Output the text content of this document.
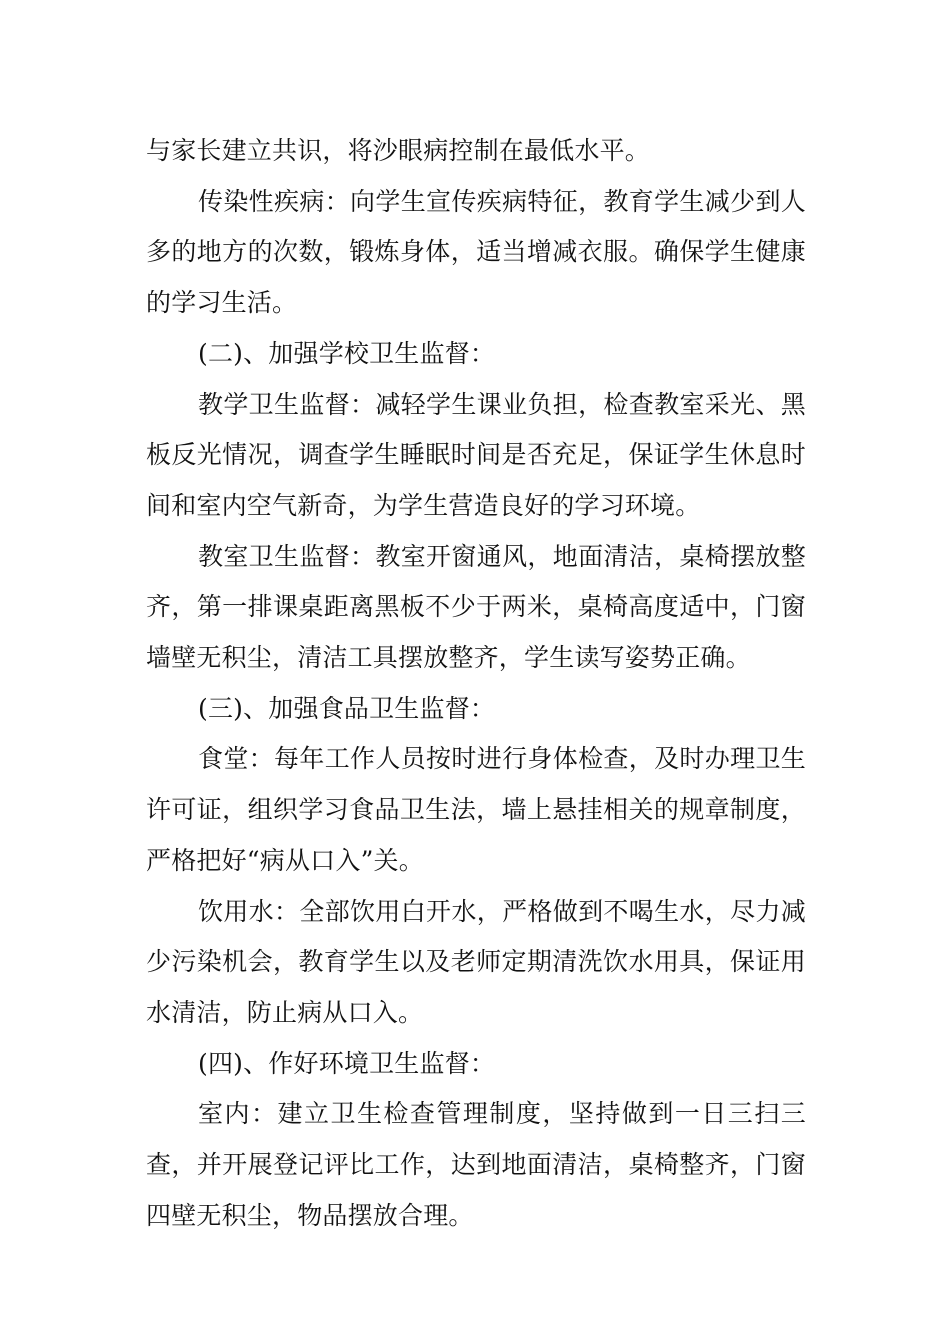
与家长建立共识，将沙眼病控制在最低水平。

传染性疾病：向学生宣传疾病特征，教育学生减少到人多的地方的次数，锻炼身体，适当增减衣服。确保学生健康的学习生活。

(二)、加强学校卫生监督：

教学卫生监督：减轻学生课业负担，检查教室采光、黑板反光情况，调查学生睡眠时间是否充足，保证学生休息时间和室内空气新奇，为学生营造良好的学习环境。

教室卫生监督：教室开窗通风，地面清洁，桌椅摆放整齐，第一排课桌距离黑板不少于两米，桌椅高度适中，门窗墙壁无积尘，清洁工具摆放整齐，学生读写姿势正确。

(三)、加强食品卫生监督：

食堂：每年工作人员按时进行身体检查，及时办理卫生许可证，组织学习食品卫生法，墙上悬挂相关的规章制度，严格把好“病从口入”关。

饮用水：全部饮用白开水，严格做到不喝生水，尽力减少污染机会，教育学生以及老师定期清洗饮水用具，保证用水清洁，防止病从口入。

(四)、作好环境卫生监督：

室内：建立卫生检查管理制度，坚持做到一日三扫三查，并开展登记评比工作，达到地面清洁，桌椅整齐，门窗四壁无积尘，物品摆放合理。
